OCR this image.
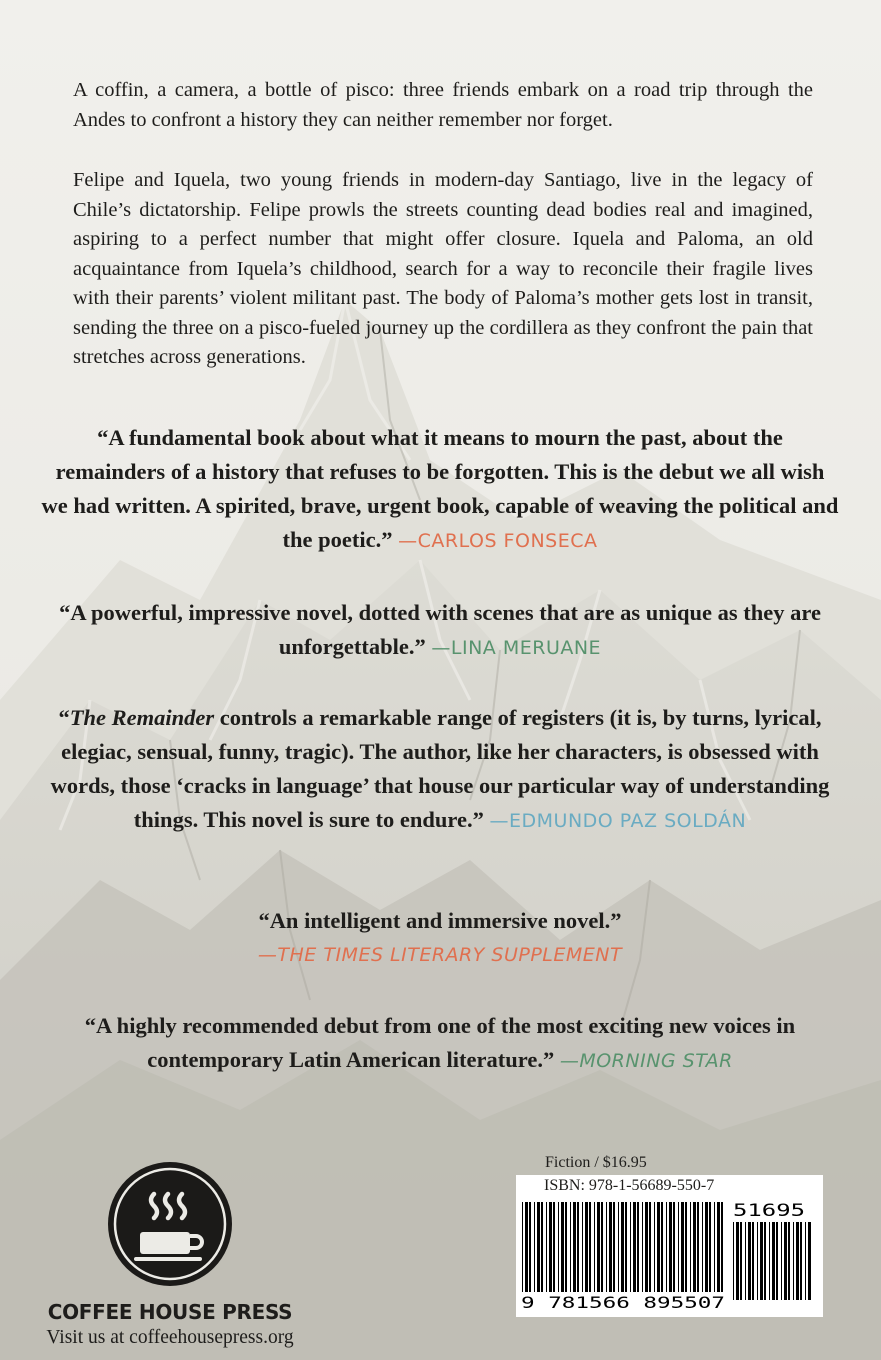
A coffin, a camera, a bottle of pisco: three friends embark on a road trip through the Andes to confront a history they can neither remember nor forget.

Felipe and Iquela, two young friends in modern-day Santiago, live in the legacy of Chile’s dictatorship. Felipe prowls the streets counting dead bodies real and imagined, aspiring to a perfect number that might offer closure. Iquela and Paloma, an old acquaintance from Iquela’s childhood, search for a way to reconcile their fragile lives with their parents’ violent militant past. The body of Paloma’s mother gets lost in transit, sending the three on a pisco-fueled journey up the cordillera as they confront the pain that stretches across generations.

“A fundamental book about what it means to mourn the past, about the remainders of a history that refuses to be forgotten. This is the debut we all wish we had written. A spirited, brave, urgent book, capable of weaving the political and the poetic.” —CARLOS FONSECA

“A powerful, impressive novel, dotted with scenes that are as unique as they are unforgettable.” —LINA MERUANE

“The Remainder controls a remarkable range of registers (it is, by turns, lyrical, elegiac, sensual, funny, tragic). The author, like her characters, is obsessed with words, those ‘cracks in language’ that house our particular way of understanding things. This novel is sure to endure.” —EDMUNDO PAZ SOLDÁN

“An intelligent and immersive novel.”
—THE TIMES LITERARY SUPPLEMENT

“A highly recommended debut from one of the most exciting new voices in contemporary Latin American literature.” —MORNING STAR

COFFEE HOUSE PRESS
Visit us at coffeehousepress.org
Fiction / $16.95
ISBN: 978-1-56689-550-7
9 781566 895507
51695
